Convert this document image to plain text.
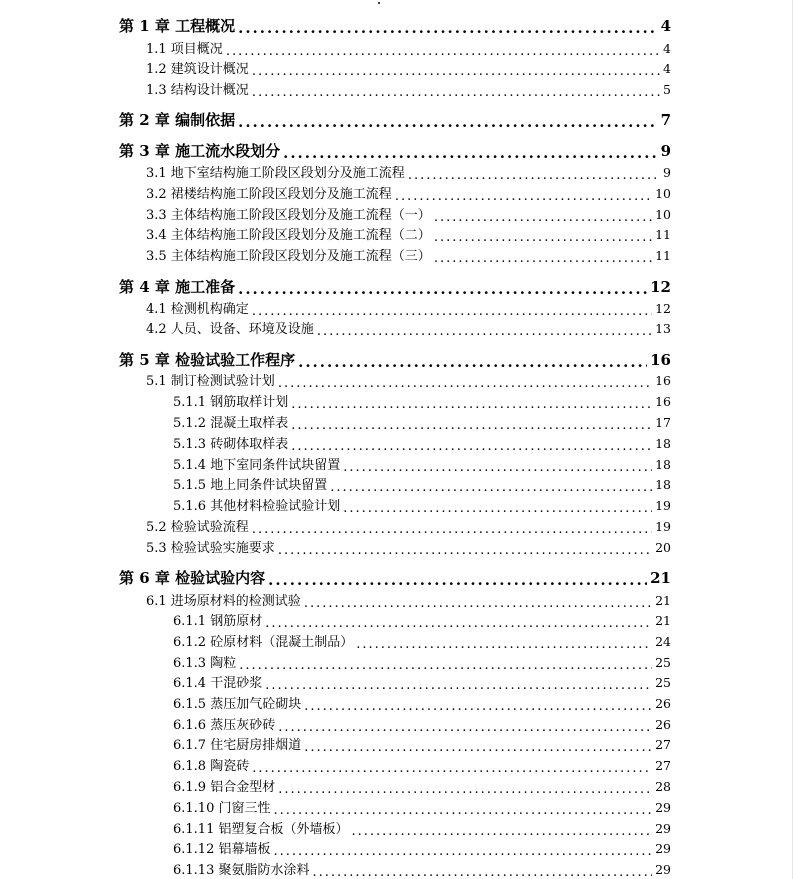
第 1 章 工程概况 .....	4
1.1 项目概况 .....	4
1.2 建筑设计概况 .....	4
1.3 结构设计概况 .....	5
第 2 章 编制依据 .....	7
第 3 章 施工流水段划分 .....	9
3.1 地下室结构施工阶段区段划分及施工流程 .....	9
3.2 裙楼结构施工阶段区段划分及施工流程 .....	10
3.3 主体结构施工阶段区段划分及施工流程（一） .....	10
3.4 主体结构施工阶段区段划分及施工流程（二） .....	11
3.5 主体结构施工阶段区段划分及施工流程（三） .....	11
第 4 章 施工准备 .....	12
4.1 检测机构确定 .....	12
4.2 人员、设备、环境及设施 .....	13
第 5 章 检验试验工作程序 .....	16
5.1 制订检测试验计划 .....	16
5.1.1 钢筋取样计划 .....	16
5.1.2 混凝土取样表 .....	17
5.1.3 砖砌体取样表 .....	18
5.1.4 地下室同条件试块留置 .....	18
5.1.5 地上同条件试块留置 .....	18
5.1.6 其他材料检验试验计划 .....	19
5.2 检验试验流程 .....	19
5.3 检验试验实施要求 .....	20
第 6 章 检验试验内容 .....	21
6.1 进场原材料的检测试验 .....	21
6.1.1 钢筋原材 .....	21
6.1.2 砼原材料（混凝土制品） .....	24
6.1.3 陶粒 .....	25
6.1.4 干混砂浆 .....	25
6.1.5 蒸压加气砼砌块 .....	26
6.1.6 蒸压灰砂砖 .....	26
6.1.7 住宅厨房排烟道 .....	27
6.1.8 陶瓷砖 .....	27
6.1.9 铝合金型材 .....	28
6.1.10 门窗三性 .....	29
6.1.11 铝塑复合板（外墙板） .....	29
6.1.12 铝幕墙板 .....	29
6.1.13 聚氨脂防水涂料 .....	29
